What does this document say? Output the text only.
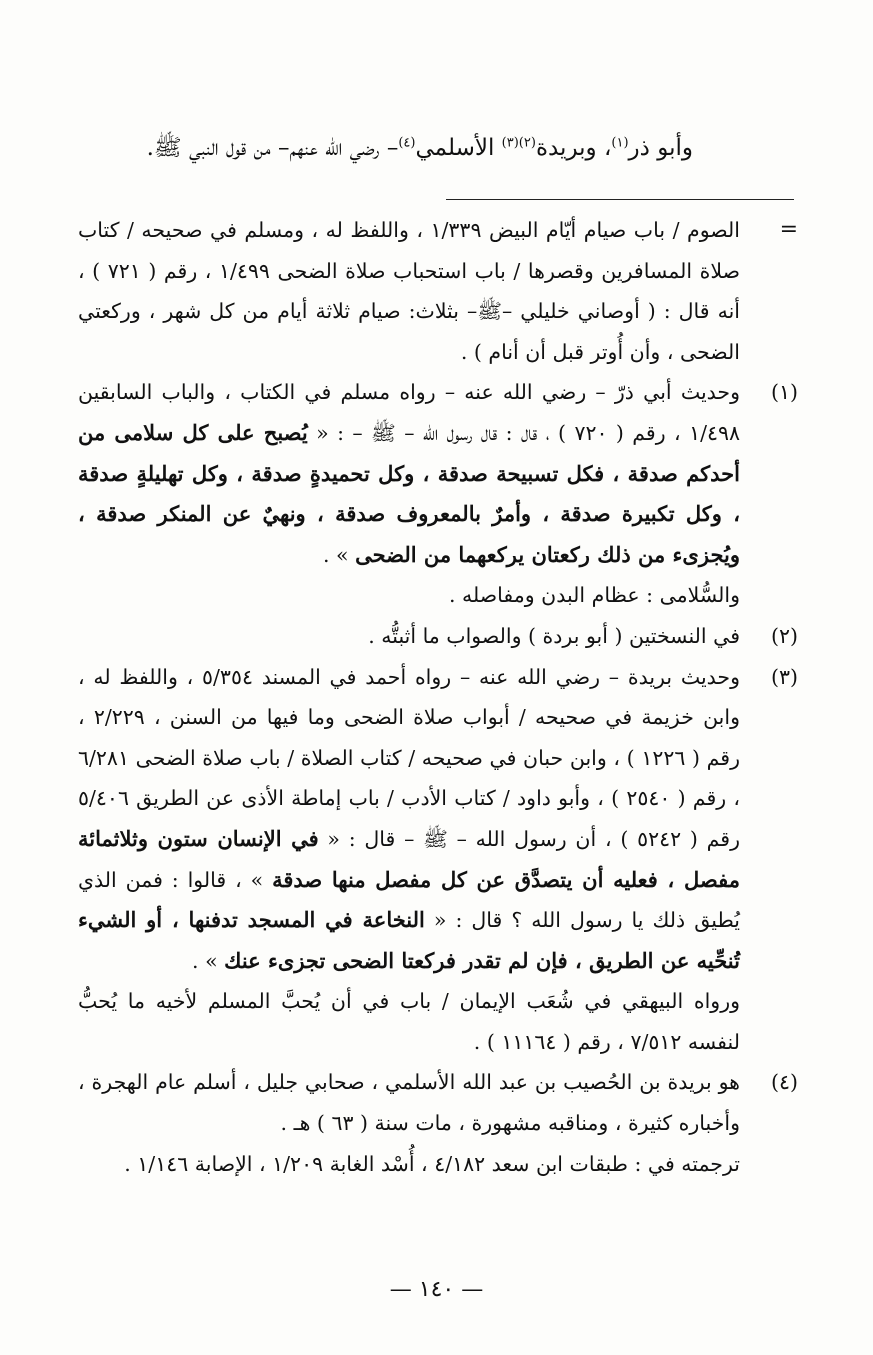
وأبو ذر$^{(١)}$، وبريدة$^{(٢)(٣)}$ الأسلمي$^{(٤)}$– رضي الله عنهم– من قول النبي ﷺ.
=

الصوم / باب صيام أيّام البيض ١/٣٣٩ ، واللفظ له ، ومسلم في صحيحه / كتاب صلاة المسافرين وقصرها / باب استحباب صلاة الضحى ١/٤٩٩ ، رقم ( ٧٢١ ) ، أنه قال : ( أوصاني خليلي –ﷺ– بثلاث: صيام ثلاثة أيام من كل شهر ، وركعتي الضحى ، وأن أُوتر قبل أن أنام ) .

(١)

وحديث أبي ذرّ – رضي الله عنه – رواه مسلم في الكتاب ، والباب السابقين ١/٤٩٨ ، رقم ( ٧٢٠ ) ، قال : قال رسول الله – ﷺ – : « يُصبح على كل سلامى من أحدكم صدقة ، فكل تسبيحة صدقة ، وكل تحميدةٍ صدقة ، وكل تهليلةٍ صدقة ، وكل تكبيرة صدقة ، وأمرٌ بالمعروف صدقة ، ونهيٌ عن المنكر صدقة ، ويُجزىء من ذلك ركعتان يركعهما من الضحى » .

والسُّلامى : عظام البدن ومفاصله .

(٢)

في النسختين ( أبو بردة ) والصواب ما أثبتُّه .

(٣)

وحديث بريدة – رضي الله عنه – رواه أحمد في المسند ٥/٣٥٤ ، واللفظ له ، وابن خزيمة في صحيحه / أبواب صلاة الضحى وما فيها من السنن ، ٢/٢٢٩ ، رقم ( ١٢٢٦ ) ، وابن حبان في صحيحه / كتاب الصلاة / باب صلاة الضحى ٦/٢٨١ ، رقم ( ٢٥٤٠ ) ، وأبو داود / كتاب الأدب / باب إماطة الأذى عن الطريق ٥/٤٠٦ رقم ( ٥٢٤٢ ) ، أن رسول الله – ﷺ – قال : « في الإنسان ستون وثلاثمائة مفصل ، فعليه أن يتصدَّق عن كل مفصل منها صدقة » ، قالوا : فمن الذي يُطيق ذلك يا رسول الله ؟ قال : « النخاعة في المسجد تدفنها ، أو الشيء تُنحِّيه عن الطريق ، فإن لم تقدر فركعتا الضحى تجزىء عنك » .

ورواه البيهقي في شُعَب الإيمان / باب في أن يُحبَّ المسلم لأخيه ما يُحبُّ لنفسه ٧/٥١٢ ، رقم ( ١١١٦٤ ) .

(٤)

هو بريدة بن الحُصيب بن عبد الله الأسلمي ، صحابي جليل ، أسلم عام الهجرة ، وأخباره كثيرة ، ومناقبه مشهورة ، مات سنة ( ٦٣ ) هـ .

ترجمته في : طبقات ابن سعد ٤/١٨٢ ، أُسْد الغابة ١/٢٠٩ ، الإصابة ١/١٤٦ .

— ١٤٠ —
